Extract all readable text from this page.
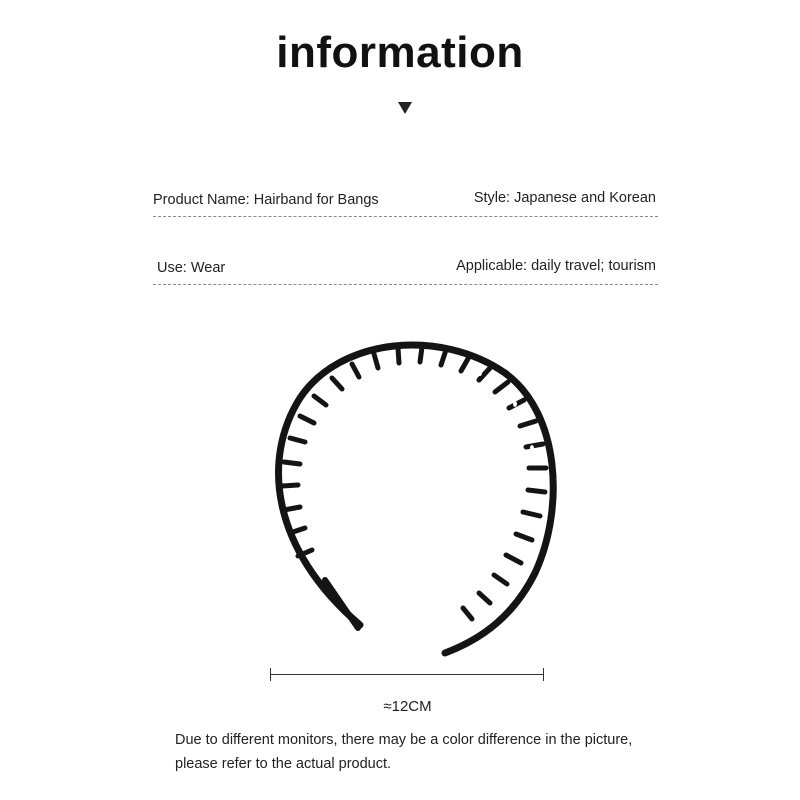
information
Product Name: Hairband for Bangs	Style: Japanese and Korean
Use: Wear	Applicable: daily travel; tourism
≈12CM
Due to different monitors, there may be a color difference in the picture,
please refer to the actual product.
